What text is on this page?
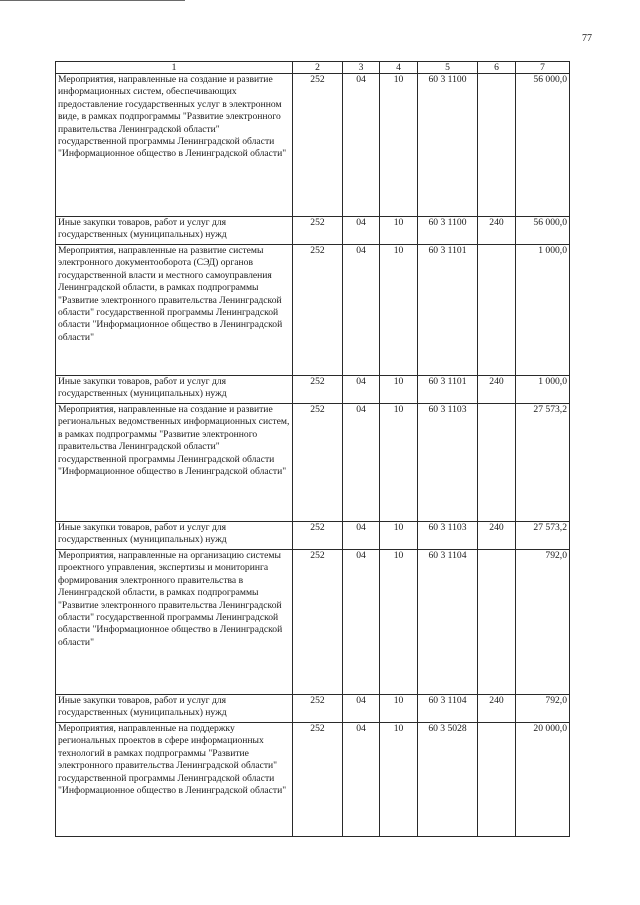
77
1	2	3	4	5	6	7
Мероприятия, направленные на создание и развитие информационных систем, обеспечивающих предоставление государственных услуг в электронном виде, в рамках подпрограммы "Развитие электронного правительства Ленинградской области" государственной программы Ленинградской области "Информационное общество в Ленинградской области"	252	04	10	60 3 1100		56 000,0
Иные закупки товаров, работ и услуг для государственных (муниципальных) нужд	252	04	10	60 3 1100	240	56 000,0
Мероприятия, направленные на развитие системы электронного документооборота (СЭД) органов государственной власти и местного самоуправления Ленинградской области, в рамках подпрограммы "Развитие электронного правительства Ленинградской области" государственной программы Ленинградской области "Информационное общество в Ленинградской области"	252	04	10	60 3 1101		1 000,0
Иные закупки товаров, работ и услуг для государственных (муниципальных) нужд	252	04	10	60 3 1101	240	1 000,0
Мероприятия, направленные на создание и развитие региональных ведомственных информационных систем, в рамках подпрограммы "Развитие электронного правительства Ленинградской области" государственной программы Ленинградской области "Информационное общество в Ленинградской области"	252	04	10	60 3 1103		27 573,2
Иные закупки товаров, работ и услуг для государственных (муниципальных) нужд	252	04	10	60 3 1103	240	27 573,2
Мероприятия, направленные на организацию системы проектного управления, экспертизы и мониторинга формирования электронного правительства в Ленинградской области, в рамках подпрограммы "Развитие электронного правительства Ленинградской области" государственной программы Ленинградской области "Информационное общество в Ленинградской области"	252	04	10	60 3 1104		792,0
Иные закупки товаров, работ и услуг для государственных (муниципальных) нужд	252	04	10	60 3 1104	240	792,0
Мероприятия, направленные на поддержку региональных проектов в сфере информационных технологий в рамках подпрограммы "Развитие электронного правительства Ленинградской области" государственной программы Ленинградской области "Информационное общество в Ленинградской области"	252	04	10	60 3 5028		20 000,0
